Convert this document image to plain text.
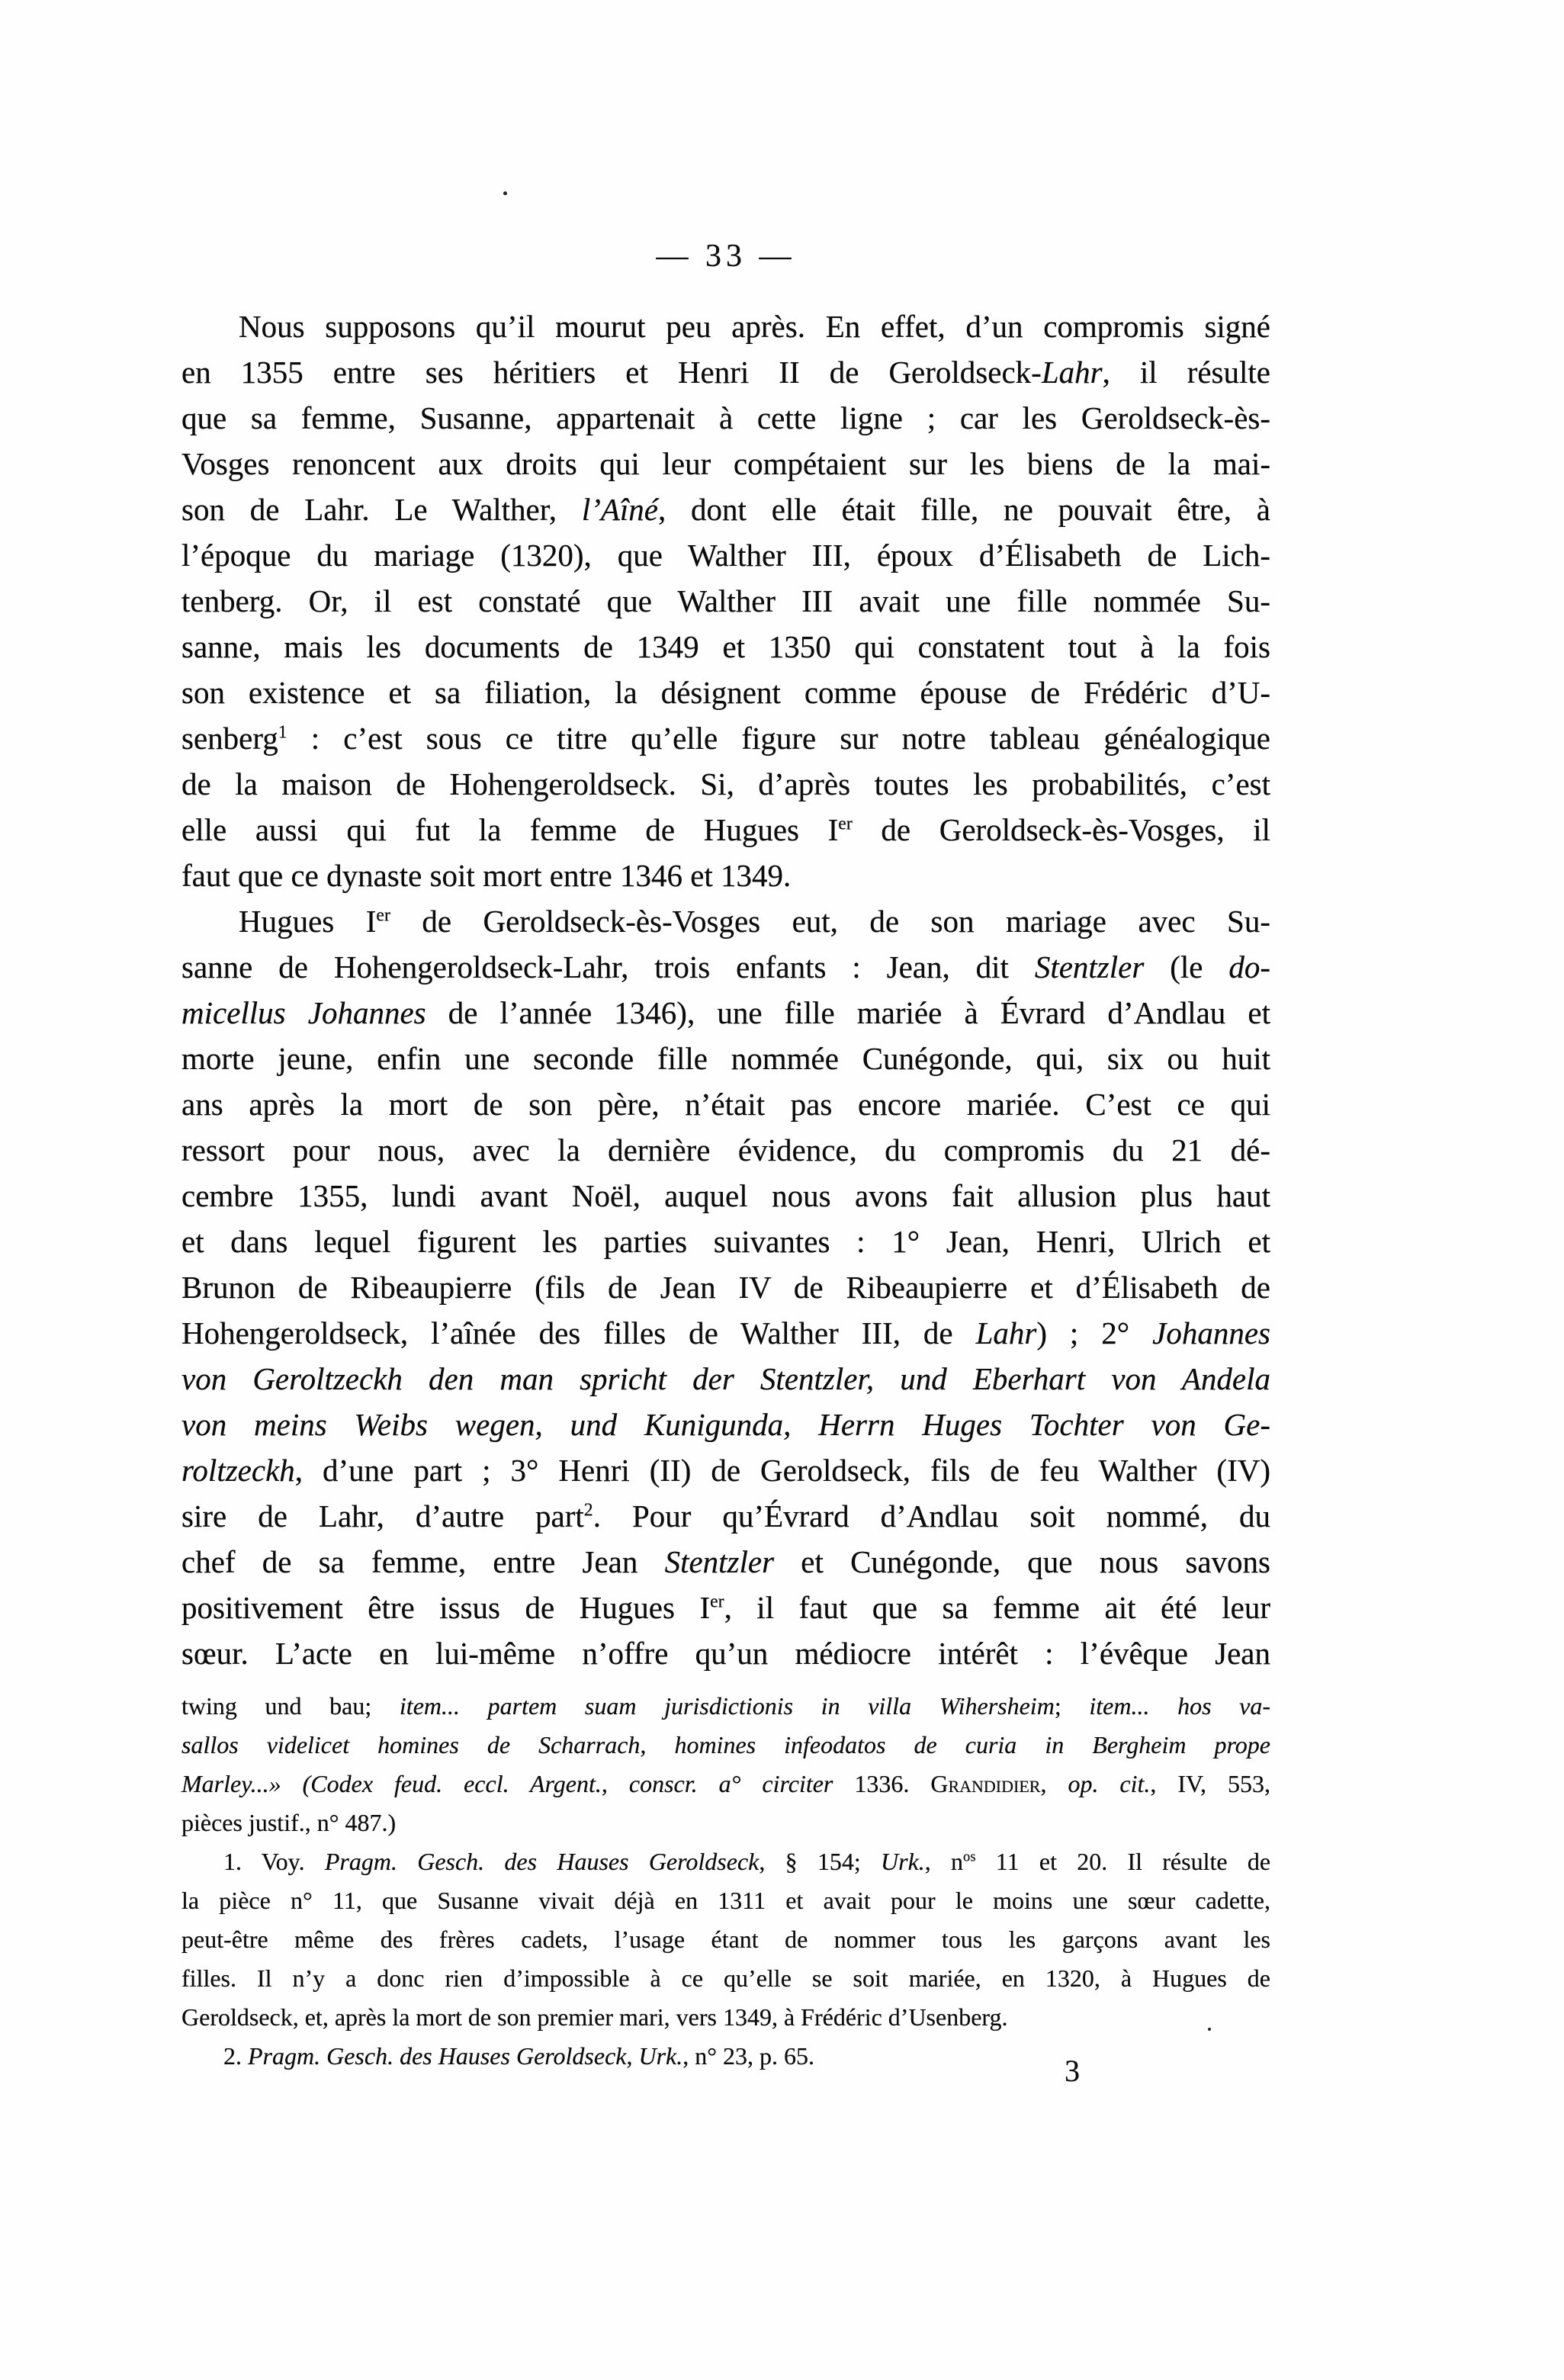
— 33 —
Nous supposons qu’il mourut peu après. En effet, d’un compromis signé
en 1355 entre ses héritiers et Henri II de Geroldseck-Lahr, il résulte
que sa femme, Susanne, appartenait à cette ligne ; car les Geroldseck-ès-
Vosges renoncent aux droits qui leur compétaient sur les biens de la mai-
son de Lahr. Le Walther, l’Aîné, dont elle était fille, ne pouvait être, à
l’époque du mariage (1320), que Walther III, époux d’Élisabeth de Lich-
tenberg. Or, il est constaté que Walther III avait une fille nommée Su-
sanne, mais les documents de 1349 et 1350 qui constatent tout à la fois
son existence et sa filiation, la désignent comme épouse de Frédéric d’U-
senberg$^1$ : c’est sous ce titre qu’elle figure sur notre tableau généalogique
de la maison de Hohengeroldseck. Si, d’après toutes les probabilités, c’est
elle aussi qui fut la femme de Hugues Ier de Geroldseck-ès-Vosges, il
faut que ce dynaste soit mort entre 1346 et 1349.
Hugues Ier de Geroldseck-ès-Vosges eut, de son mariage avec Su-
sanne de Hohengeroldseck-Lahr, trois enfants : Jean, dit Stentzler (le do-
micellus Johannes de l’année 1346), une fille mariée à Évrard d’Andlau et
morte jeune, enfin une seconde fille nommée Cunégonde, qui, six ou huit
ans après la mort de son père, n’était pas encore mariée. C’est ce qui
ressort pour nous, avec la dernière évidence, du compromis du 21 dé-
cembre 1355, lundi avant Noël, auquel nous avons fait allusion plus haut
et dans lequel figurent les parties suivantes : 1° Jean, Henri, Ulrich et
Brunon de Ribeaupierre (fils de Jean IV de Ribeaupierre et d’Élisabeth de
Hohengeroldseck, l’aînée des filles de Walther III, de Lahr) ; 2° Johannes
von Geroltzeckh den man spricht der Stentzler, und Eberhart von Andela
von meins Weibs wegen, und Kunigunda, Herrn Huges Tochter von Ge-
roltzeckh, d’une part ; 3° Henri (II) de Geroldseck, fils de feu Walther (IV)
sire de Lahr, d’autre part$^2$. Pour qu’Évrard d’Andlau soit nommé, du
chef de sa femme, entre Jean Stentzler et Cunégonde, que nous savons
positivement être issus de Hugues Ier, il faut que sa femme ait été leur
sœur. L’acte en lui-même n’offre qu’un médiocre intérêt : l’évêque Jean
twing und bau; item... partem suam jurisdictionis in villa Wihersheim; item... hos va-
sallos videlicet homines de Scharrach, homines infeodatos de curia in Bergheim prope
Marley...» (Codex feud. eccl. Argent., conscr. a° circiter 1336. Grandidier, op. cit., IV, 553,
pièces justif., n° 487.)
1. Voy. Pragm. Gesch. des Hauses Geroldseck, § 154; Urk., $n^{os}$ 11 et 20. Il résulte de
la pièce n° 11, que Susanne vivait déjà en 1311 et avait pour le moins une sœur cadette,
peut-être même des frères cadets, l’usage étant de nommer tous les garçons avant les
filles. Il n’y a donc rien d’impossible à ce qu’elle se soit mariée, en 1320, à Hugues de
Geroldseck, et, après la mort de son premier mari, vers 1349, à Frédéric d’Usenberg.
2. Pragm. Gesch. des Hauses Geroldseck, Urk., n° 23, p. 65.	3
